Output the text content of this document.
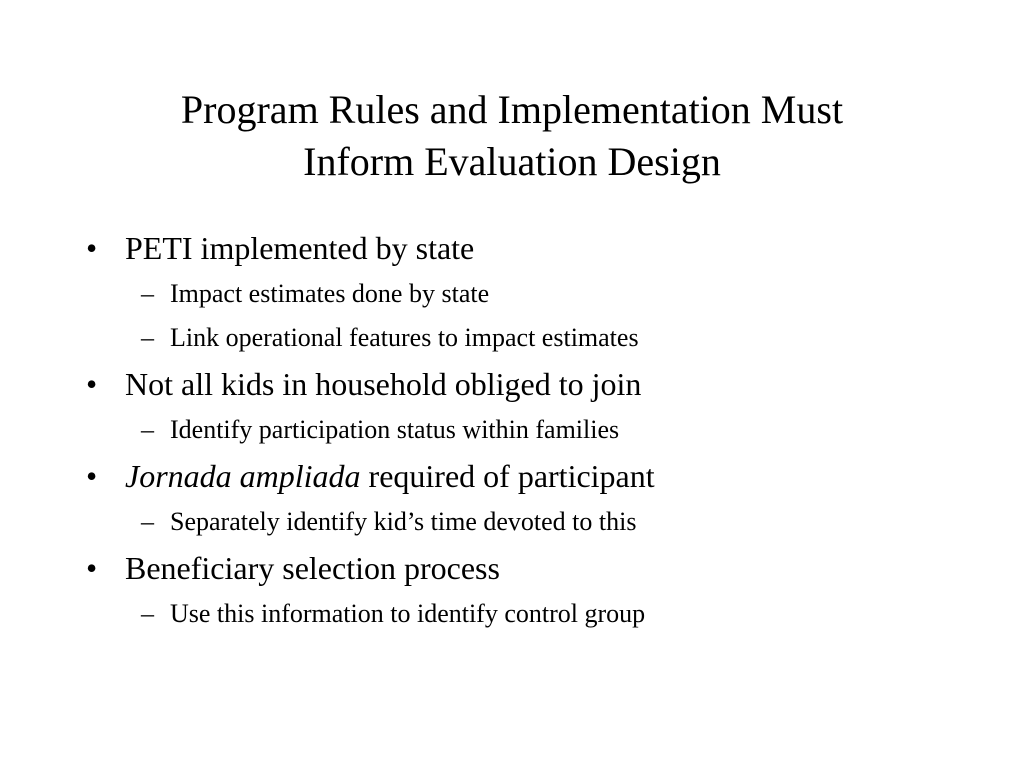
Program Rules and Implementation Must
Inform Evaluation Design
• PETI implemented by state
– Impact estimates done by state
– Link operational features to impact estimates
• Not all kids in household obliged to join
– Identify participation status within families
• Jornada ampliada required of participant
– Separately identify kid’s time devoted to this
• Beneficiary selection process
– Use this information to identify control group
